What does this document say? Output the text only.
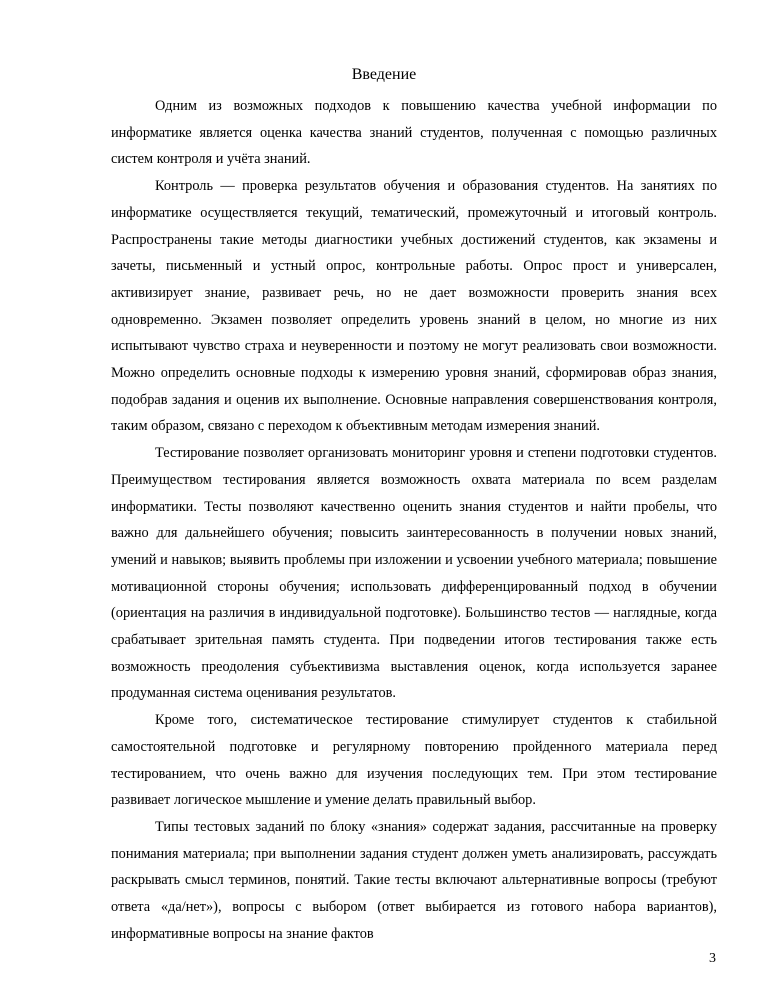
Введение

Одним из возможных подходов к повышению качества учебной информации по информатике является оценка качества знаний студентов, полученная с помощью различных систем контроля и учёта знаний.

Контроль — проверка результатов обучения и образования студентов. На занятиях по информатике осуществляется текущий, тематический, промежуточный и итоговый контроль. Распространены такие методы диагностики учебных достижений студентов, как экзамены и зачеты, письменный и устный опрос, контрольные работы. Опрос прост и универсален, активизирует знание, развивает речь, но не дает возможности проверить знания всех одновременно. Экзамен позволяет определить уровень знаний в целом, но многие из них испытывают чувство страха и неуверенности и поэтому не могут реализовать свои возможности. Можно определить основные подходы к измерению уровня знаний, сформировав образ знания, подобрав задания и оценив их выполнение. Основные направления совершенствования контроля, таким образом, связано с переходом к объективным методам измерения знаний.

Тестирование позволяет организовать мониторинг уровня и степени подготовки студентов. Преимуществом тестирования является возможность охвата материала по всем разделам информатики. Тесты позволяют качественно оценить знания студентов и найти пробелы, что важно для дальнейшего обучения; повысить заинтересованность в получении новых знаний, умений и навыков; выявить проблемы при изложении и усвоении учебного материала; повышение мотивационной стороны обучения; использовать дифференцированный подход в обучении (ориентация на различия в индивидуальной подготовке). Большинство тестов — наглядные, когда срабатывает зрительная память студента. При подведении итогов тестирования также есть возможность преодоления субъективизма выставления оценок, когда используется заранее продуманная система оценивания результатов.

Кроме того, систематическое тестирование стимулирует студентов к стабильной самостоятельной подготовке и регулярному повторению пройденного материала перед тестированием, что очень важно для изучения последующих тем. При этом тестирование развивает логическое мышление и умение делать правильный выбор.

Типы тестовых заданий по блоку «знания» содержат задания, рассчитанные на проверку понимания материала; при выполнении задания студент должен уметь анализировать, рассуждать раскрывать смысл терминов, понятий. Такие тесты включают альтернативные вопросы (требуют ответа «да/нет»), вопросы с выбором (ответ выбирается из готового набора вариантов), информативные вопросы на знание фактов

3
